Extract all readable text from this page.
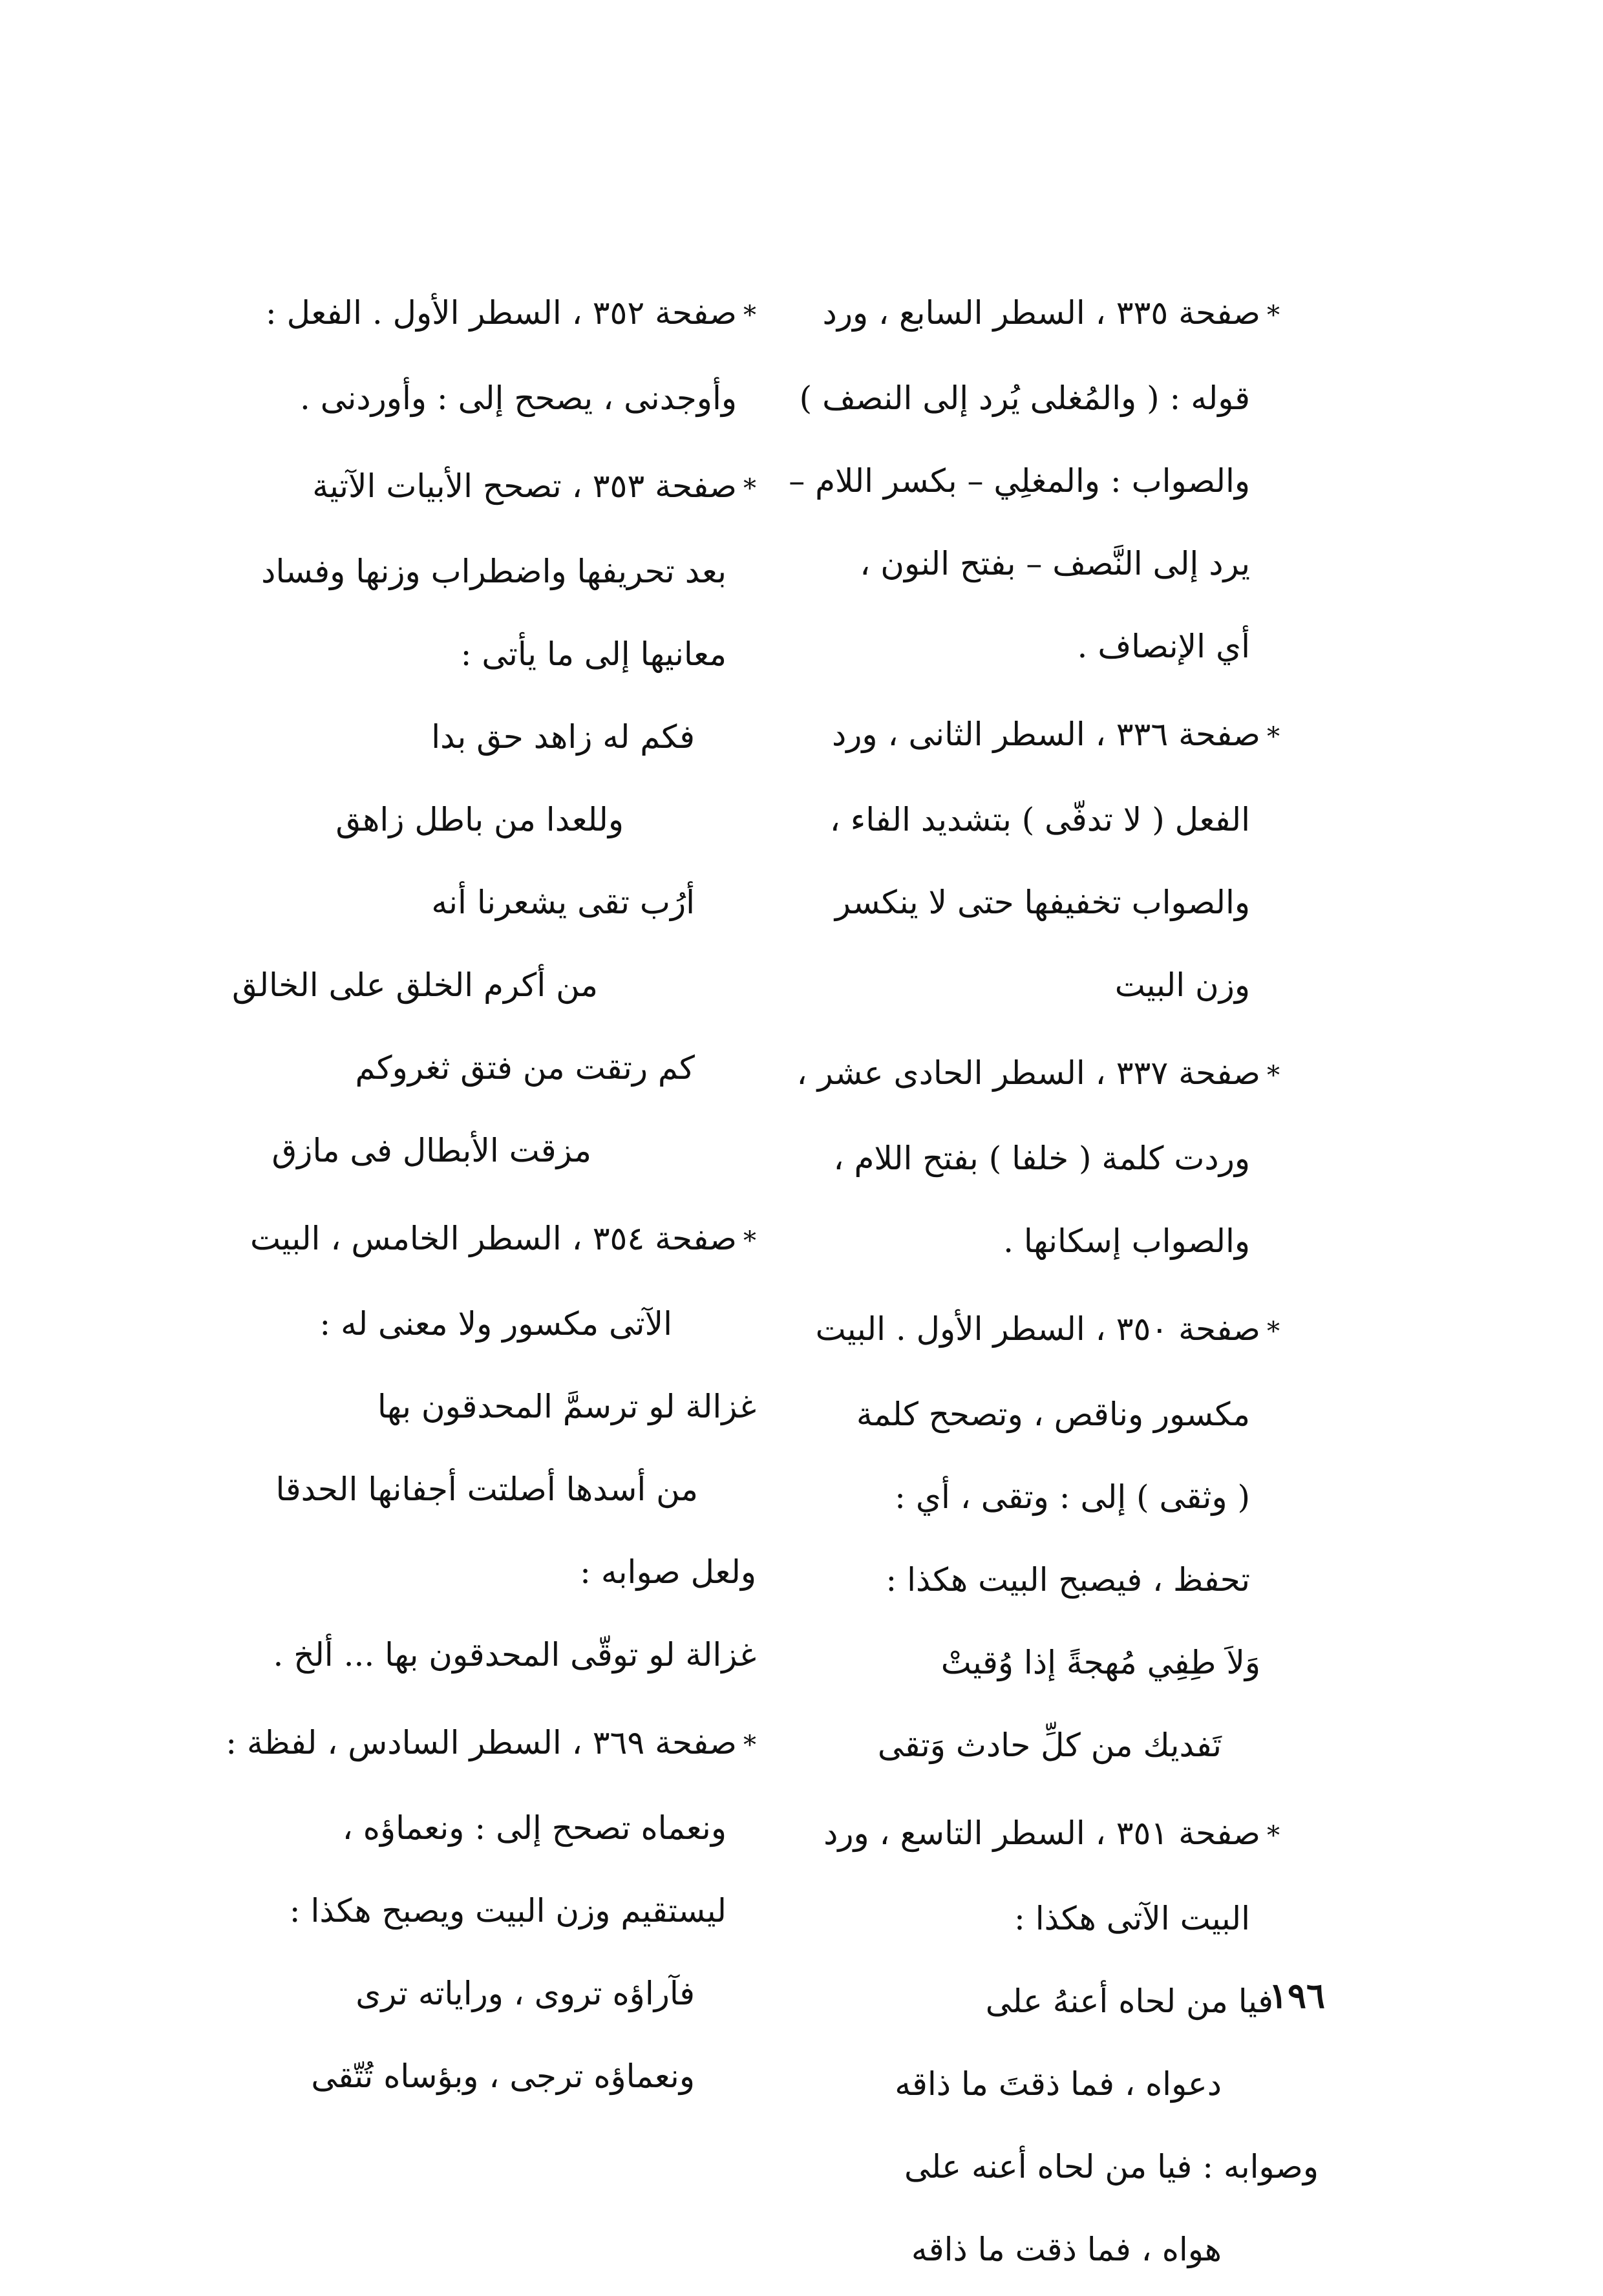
*صفحة ٣٣٥ ، السطر السابع ، ورد
قوله : ( والمُغلى يُرد إلى النصف )
والصواب : والمغلِي – بكسر اللام –
يرد إلى النَّصف – بفتح النون ،
أي الإنصاف .
*صفحة ٣٣٦ ، السطر الثانى ، ورد
الفعل ( لا تدفّى ) بتشديد الفاء ،
والصواب تخفيفها حتى لا ينكسر
وزن البيت
*صفحة ٣٣٧ ، السطر الحادى عشر ،
وردت كلمة ( خلفا ) بفتح اللام ،
والصواب إسكانها .
*صفحة ٣٥٠ ، السطر الأول . البيت
مكسور وناقص ، وتصحح كلمة
( وثقى ) إلى : وتقى ، أي :
تحفظ ، فيصبح البيت هكذا :
وَلاَ طِفِي مُهجةً إذا وُقيتْ
تَفديك من كلِّ حادث وَتقى
*صفحة ٣٥١ ، السطر التاسع ، ورد
البيت الآتى هكذا :
فيا من لحاه أعنهُ على
دعواه ، فما ذقتَ ما ذاقه
وصوابه : فيا من لحاه أعنه على
هواه ، فما ذقت ما ذاقه
*صفحة ٣٥٢ ، السطر الأول . الفعل :
وأوجدنى ، يصحح إلى : وأوردنى .
*صفحة ٣٥٣ ، تصحح الأبيات الآتية
بعد تحريفها واضطراب وزنها وفساد
معانيها إلى ما يأتى :
فكم له زاهد حق بدا
وللعدا من باطل زاهق
أرُب تقى يشعرنا أنه
من أكرم الخلق على الخالق
كم رتقت من فتق ثغروكم
مزقت الأبطال فى مازق
*صفحة ٣٥٤ ، السطر الخامس ، البيت
الآتى مكسور ولا معنى له :
غزالة لو ترسمَّ المحدقون بها
من أسدها أصلتت أجفانها الحدقا
ولعل صوابه :
غزالة لو توقّى المحدقون بها ... ألخ .
*صفحة ٣٦٩ ، السطر السادس ، لفظة :
ونعماه تصحح إلى : ونعماؤه ،
ليستقيم وزن البيت ويصبح هكذا :
فآراؤه تروى ، ورایاته ترى
ونعماؤه ترجى ، وبؤساه تُتّقى
١٩٦
